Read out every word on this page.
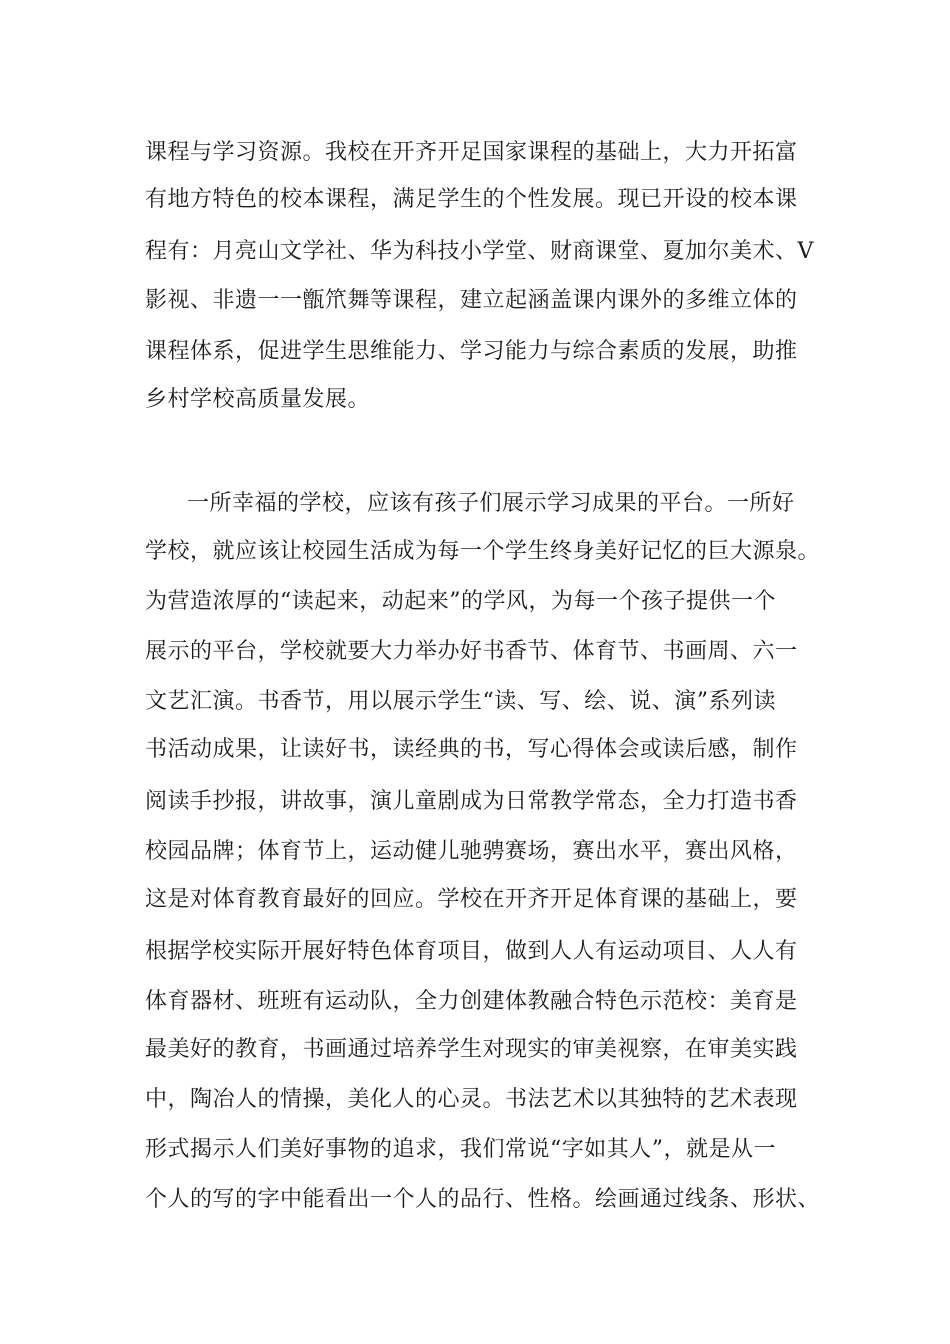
课程与学习资源。我校在开齐开足国家课程的基础上，大力开拓富
有地方特色的校本课程，满足学生的个性发展。现已开设的校本课
程有：月亮山文学社、华为科技小学堂、财商课堂、夏加尔美术、V
影视、非遗一一甑笊舞等课程，建立起涵盖课内课外的多维立体的
课程体系，促进学生思维能力、学习能力与综合素质的发展，助推
乡村学校高质量发展。
一所幸福的学校，应该有孩子们展示学习成果的平台。一所好
学校，就应该让校园生活成为每一个学生终身美好记忆的巨大源泉。
为营造浓厚的“读起来，动起来”的学风，为每一个孩子提供一个
展示的平台，学校就要大力举办好书香节、体育节、书画周、六一
文艺汇演。书香节，用以展示学生“读、写、绘、说、演”系列读
书活动成果，让读好书，读经典的书，写心得体会或读后感，制作
阅读手抄报，讲故事，演儿童剧成为日常教学常态，全力打造书香
校园品牌；体育节上，运动健儿驰骋赛场，赛出水平，赛出风格，
这是对体育教育最好的回应。学校在开齐开足体育课的基础上，要
根据学校实际开展好特色体育项目，做到人人有运动项目、人人有
体育器材、班班有运动队，全力创建体教融合特色示范校：美育是
最美好的教育，书画通过培养学生对现实的审美视察，在审美实践
中，陶冶人的情操，美化人的心灵。书法艺术以其独特的艺术表现
形式揭示人们美好事物的追求，我们常说“字如其人”，就是从一
个人的写的字中能看出一个人的品行、性格。绘画通过线条、形状、
